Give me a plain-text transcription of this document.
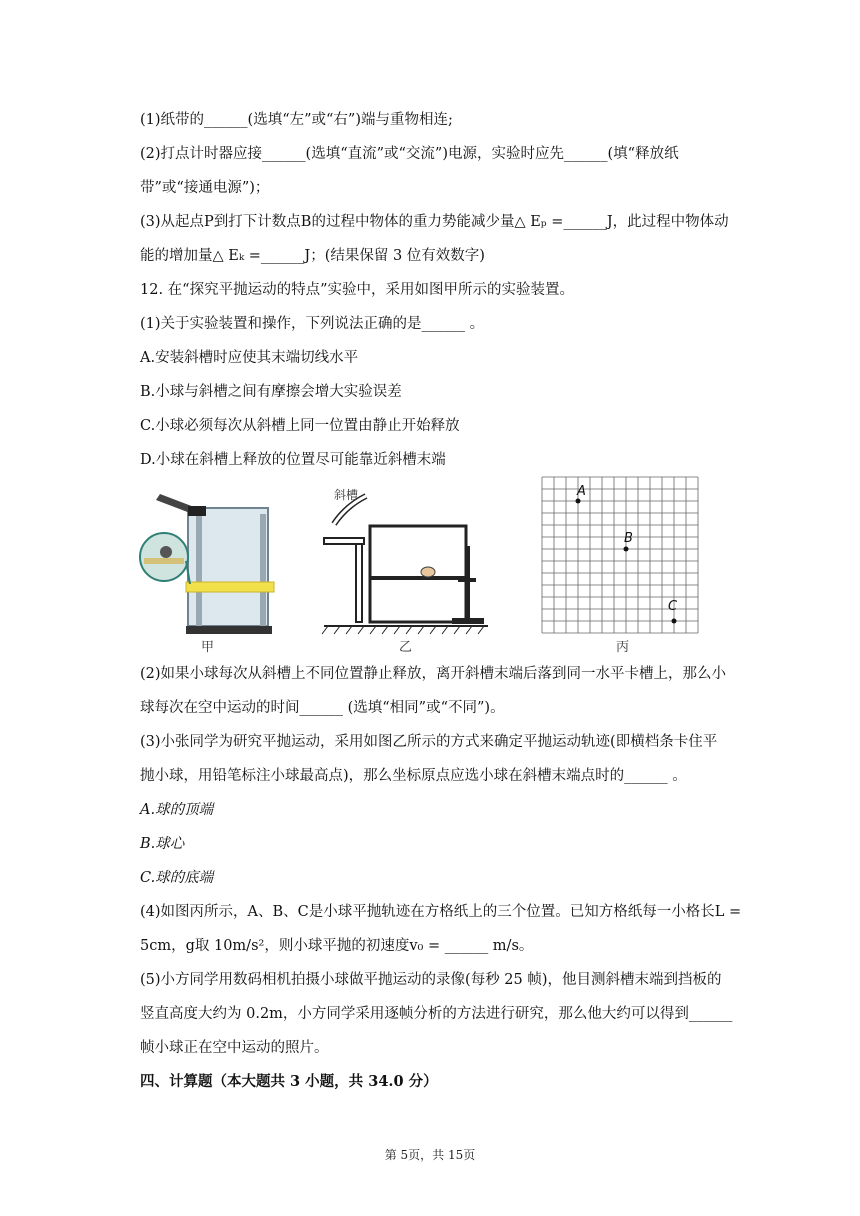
(1)纸带的______(选填“左”或“右”)端与重物相连;
(2)打点计时器应接______(选填“直流”或“交流”)电源，实验时应先______(填“释放纸
带”或“接通电源”)；
(3)从起点P到打下计数点B的过程中物体的重力势能减少量△ Eₚ =______J，此过程中物体动
能的增加量△ Eₖ =______J；(结果保留 3 位有效数字)
12. 在“探究平抛运动的特点”实验中，采用如图甲所示的实验装置。
(1)关于实验装置和操作，下列说法正确的是______ 。
A.安装斜槽时应使其末端切线水平
B.小球与斜槽之间有摩擦会增大实验误差
C.小球必须每次从斜槽上同一位置由静止开始释放
D.小球在斜槽上释放的位置尽可能靠近斜槽末端
甲
斜槽
乙
A
B
C
丙
(2)如果小球每次从斜槽上不同位置静止释放，离开斜槽末端后落到同一水平卡槽上，那么小
球每次在空中运动的时间______ (选填“相同”或“不同”)。
(3)小张同学为研究平抛运动，采用如图乙所示的方式来确定平抛运动轨迹(即横档条卡住平
抛小球，用铅笔标注小球最高点)，那么坐标原点应选小球在斜槽末端点时的______ 。
A.球的顶端
B.球心
C.球的底端
(4)如图丙所示，A、B、C是小球平抛轨迹在方格纸上的三个位置。已知方格纸每一小格长L =
5cm，g取 10m/s²，则小球平抛的初速度v₀ = ______ m/s。
(5)小方同学用数码相机拍摄小球做平抛运动的录像(每秒 25 帧)，他目测斜槽末端到挡板的
竖直高度大约为 0.2m，小方同学采用逐帧分析的方法进行研究，那么他大约可以得到______
帧小球正在空中运动的照片。
四、计算题（本大题共 3 小题，共 34.0 分）
第 5页，共 15页
